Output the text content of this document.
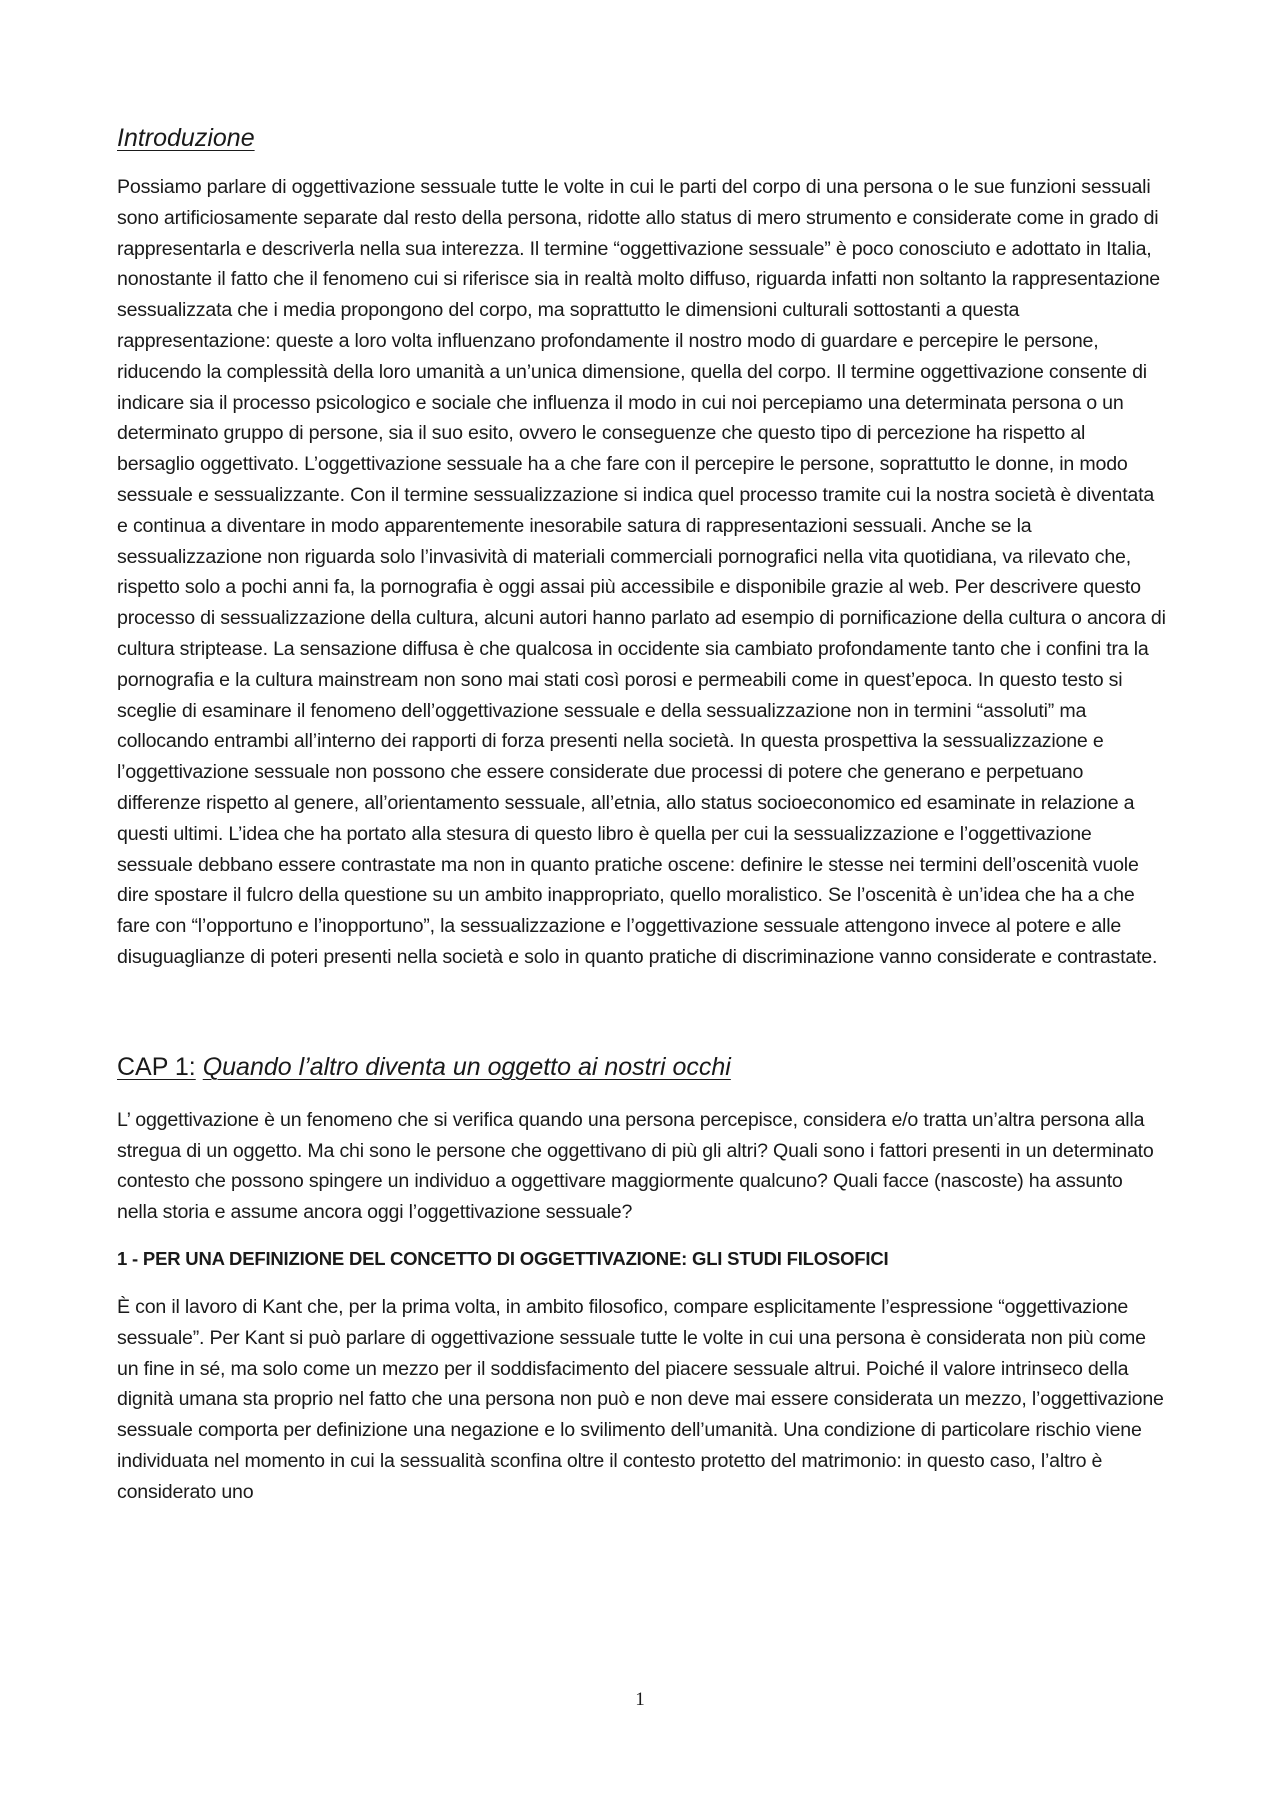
Introduzione

Possiamo parlare di oggettivazione sessuale tutte le volte in cui le parti del corpo di una persona o le sue funzioni sessuali sono artificiosamente separate dal resto della persona, ridotte allo status di mero strumento e considerate come in grado di rappresentarla e descriverla nella sua interezza. Il termine “oggettivazione sessuale” è poco conosciuto e adottato in Italia, nonostante il fatto che il fenomeno cui si riferisce sia in realtà molto diffuso, riguarda infatti non soltanto la rappresentazione sessualizzata che i media propongono del corpo, ma soprattutto le dimensioni culturali sottostanti a questa rappresentazione: queste a loro volta influenzano profondamente il nostro modo di guardare e percepire le persone, riducendo la complessità della loro umanità a un’unica dimensione, quella del corpo. Il termine oggettivazione consente di indicare sia il processo psicologico e sociale che influenza il modo in cui noi percepiamo una determinata persona o un determinato gruppo di persone, sia il suo esito, ovvero le conseguenze che questo tipo di percezione ha rispetto al bersaglio oggettivato. L’oggettivazione sessuale ha a che fare con il percepire le persone, soprattutto le donne, in modo sessuale e sessualizzante. Con il termine sessualizzazione si indica quel processo tramite cui la nostra società è diventata e continua a diventare in modo apparentemente inesorabile satura di rappresentazioni sessuali. Anche se la sessualizzazione non riguarda solo l’invasività di materiali commerciali pornografici nella vita quotidiana, va rilevato che, rispetto solo a pochi anni fa, la pornografia è oggi assai più accessibile e disponibile grazie al web. Per descrivere questo processo di sessualizzazione della cultura, alcuni autori hanno parlato ad esempio di pornificazione della cultura o ancora di cultura striptease. La sensazione diffusa è che qualcosa in occidente sia cambiato profondamente tanto che i confini tra la pornografia e la cultura mainstream non sono mai stati così porosi e permeabili come in quest’epoca. In questo testo si sceglie di esaminare il fenomeno dell’oggettivazione sessuale e della sessualizzazione non in termini “assoluti” ma collocando entrambi all’interno dei rapporti di forza presenti nella società. In questa prospettiva la sessualizzazione e l’oggettivazione sessuale non possono che essere considerate due processi di potere che generano e perpetuano differenze rispetto al genere, all’orientamento sessuale, all’etnia, allo status socioeconomico ed esaminate in relazione a questi ultimi. L’idea che ha portato alla stesura di questo libro è quella per cui la sessualizzazione e l’oggettivazione sessuale debbano essere contrastate ma non in quanto pratiche oscene: definire le stesse nei termini dell’oscenità vuole dire spostare il fulcro della questione su un ambito inappropriato, quello moralistico. Se l’oscenità è un’idea che ha a che fare con “l’opportuno e l’inopportuno”, la sessualizzazione e l’oggettivazione sessuale attengono invece al potere e alle disuguaglianze di poteri presenti nella società e solo in quanto pratiche di discriminazione vanno considerate e contrastate.

CAP 1: Quando l’altro diventa un oggetto ai nostri occhi

L’ oggettivazione è un fenomeno che si verifica quando una persona percepisce, considera e/o tratta un’altra persona alla stregua di un oggetto. Ma chi sono le persone che oggettivano di più gli altri? Quali sono i fattori presenti in un determinato contesto che possono spingere un individuo a oggettivare maggiormente qualcuno? Quali facce (nascoste) ha assunto nella storia e assume ancora oggi l’oggettivazione sessuale?

1 - PER UNA DEFINIZIONE DEL CONCETTO DI OGGETTIVAZIONE: GLI STUDI FILOSOFICI

È con il lavoro di Kant che, per la prima volta, in ambito filosofico, compare esplicitamente l’espressione “oggettivazione sessuale”. Per Kant si può parlare di oggettivazione sessuale tutte le volte in cui una persona è considerata non più come un fine in sé, ma solo come un mezzo per il soddisfacimento del piacere sessuale altrui. Poiché il valore intrinseco della dignità umana sta proprio nel fatto che una persona non può e non deve mai essere considerata un mezzo, l’oggettivazione sessuale comporta per definizione una negazione e lo svilimento dell’umanità. Una condizione di particolare rischio viene individuata nel momento in cui la sessualità sconfina oltre il contesto protetto del matrimonio: in questo caso, l’altro è considerato uno

1
